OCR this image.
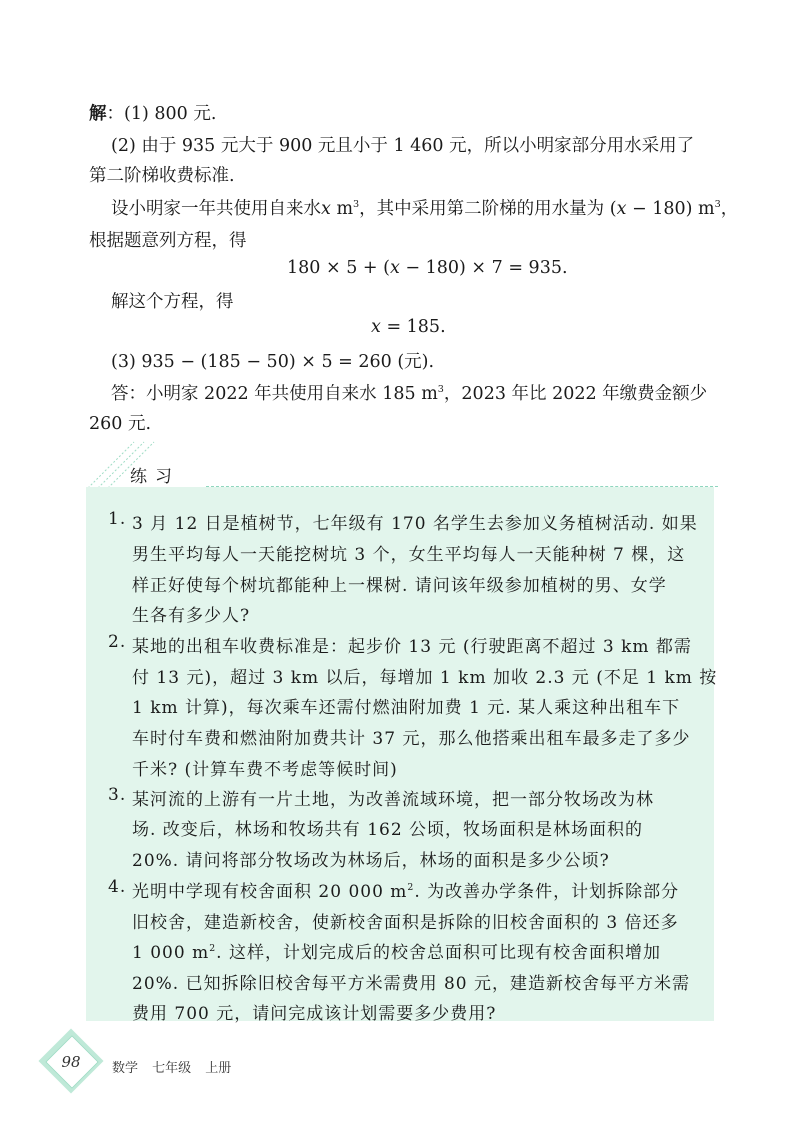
解：(1) 800 元.
(2) 由于 935 元大于 900 元且小于 1 460 元，所以小明家部分用水采用了
第二阶梯收费标准.
设小明家一年共使用自来水x $m^3$，其中采用第二阶梯的用水量为 (x − 180) $m^3$，
根据题意列方程，得
180 × 5 + (x − 180) × 7 = 935.
解这个方程，得
x = 185.
(3) 935 − (185 − 50) × 5 = 260 (元).
答：小明家 2022 年共使用自来水 185 $m^3$，2023 年比 2022 年缴费金额少
260 元.
练习
1. 3 月 12 日是植树节，七年级有 170 名学生去参加义务植树活动. 如果
男生平均每人一天能挖树坑 3 个，女生平均每人一天能种树 7 棵，这
样正好使每个树坑都能种上一棵树. 请问该年级参加植树的男、女学
生各有多少人?
2. 某地的出租车收费标准是：起步价 13 元 (行驶距离不超过 3 km 都需
付 13 元)，超过 3 km 以后，每增加 1 km 加收 2.3 元 (不足 1 km 按
1 km 计算)，每次乘车还需付燃油附加费 1 元. 某人乘这种出租车下
车时付车费和燃油附加费共计 37 元，那么他搭乘出租车最多走了多少
千米? (计算车费不考虑等候时间)
3. 某河流的上游有一片土地，为改善流域环境，把一部分牧场改为林
场. 改变后，林场和牧场共有 162 公顷，牧场面积是林场面积的
20%. 请问将部分牧场改为林场后，林场的面积是多少公顷?
4. 光明中学现有校舍面积 20 000 $m^2$. 为改善办学条件，计划拆除部分
旧校舍，建造新校舍，使新校舍面积是拆除的旧校舍面积的 3 倍还多
1 000 $m^2$. 这样，计划完成后的校舍总面积可比现有校舍面积增加
20%. 已知拆除旧校舍每平方米需费用 80 元，建造新校舍每平方米需
费用 700 元，请问完成该计划需要多少费用?
98	数学 七年级 上册
